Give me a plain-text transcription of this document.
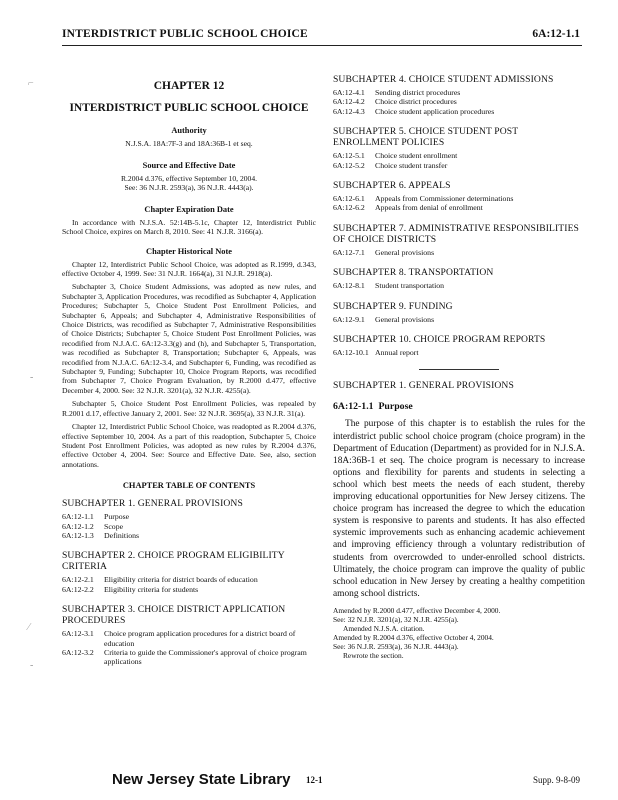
INTERDISTRICT PUBLIC SCHOOL CHOICE	6A:12-1.1
⌐	CHAPTER 12
INTERDISTRICT PUBLIC SCHOOL CHOICE
Authority
N.J.S.A. 18A:7F-3 and 18A:36B-1 et seq.
Source and Effective Date
R.2004 d.376, effective September 10, 2004.
See: 36 N.J.R. 2593(a), 36 N.J.R. 4443(a).
Chapter Expiration Date

In accordance with N.J.S.A. 52:14B-5.1c, Chapter 12, Interdistrict Public School Choice, expires on March 8, 2010. See: 41 N.J.R. 3166(a).

Chapter Historical Note

Chapter 12, Interdistrict Public School Choice, was adopted as R.1999, d.343, effective October 4, 1999. See: 31 N.J.R. 1664(a), 31 N.J.R. 2918(a).

Subchapter 3, Choice Student Admissions, was adopted as new rules, and Subchapter 3, Application Procedures, was recodified as Subchapter 4, Application Procedures; Subchapter 5, Choice Student Post Enrollment Policies, and Subchapter 6, Appeals; and Subchapter 4, Administrative Responsibilities of Choice Districts, was recodified as Subchapter 7, Administrative Responsibilities of Choice Districts; Subchapter 5, Choice Student Post Enrollment Policies, was recodified from N.J.A.C. 6A:12-3.3(g) and (h), and Subchapter 5, Transportation, was recodified as Subchapter 8, Transportation; Subchapter 6, Appeals, was recodified from N.J.A.C. 6A:12-3.4, and Subchapter 6, Funding, was recodified as Subchapter 9, Funding; Subchapter 10, Choice Program Reports, was recodified from Subchapter 7, Choice Program Evaluation, by R.2000 d.477, effective December 4, 2000. See: 32 N.J.R. 3201(a), 32 N.J.R. 4255(a).

Subchapter 5, Choice Student Post Enrollment Policies, was repealed by R.2001 d.17, effective January 2, 2001. See: 32 N.J.R. 3695(a), 33 N.J.R. 31(a).

Chapter 12, Interdistrict Public School Choice, was readopted as R.2004 d.376, effective September 10, 2004. As a part of this readoption, Subchapter 5, Choice Student Post Enrollment Policies, was adopted as new rules by R.2004 d.376, effective October 4, 2004. See: Source and Effective Date. See, also, section annotations.

CHAPTER TABLE OF CONTENTS
SUBCHAPTER 1. GENERAL PROVISIONS
6A:12-1.1	Purpose
6A:12-1.2	Scope
6A:12-1.3	Definitions
SUBCHAPTER 2. CHOICE PROGRAM ELIGIBILITY CRITERIA
6A:12-2.1	Eligibility criteria for district boards of education
6A:12-2.2	Eligibility criteria for students
SUBCHAPTER 3. CHOICE DISTRICT APPLICATION PROCEDURES
6A:12-3.1	Choice program application procedures for a district board of education
6A:12-3.2	Criteria to guide the Commissioner's approval of choice program applications
SUBCHAPTER 4. CHOICE STUDENT ADMISSIONS
6A:12-4.1	Sending district procedures
6A:12-4.2	Choice district procedures
6A:12-4.3	Choice student application procedures
SUBCHAPTER 5. CHOICE STUDENT POST ENROLLMENT POLICIES
6A:12-5.1	Choice student enrollment
6A:12-5.2	Choice student transfer
SUBCHAPTER 6. APPEALS
6A:12-6.1	Appeals from Commissioner determinations
6A:12-6.2	Appeals from denial of enrollment
SUBCHAPTER 7. ADMINISTRATIVE RESPONSIBILITIES OF CHOICE DISTRICTS
6A:12-7.1	General provisions
SUBCHAPTER 8. TRANSPORTATION
6A:12-8.1	Student transportation
SUBCHAPTER 9. FUNDING
6A:12-9.1	General provisions
SUBCHAPTER 10. CHOICE PROGRAM REPORTS
6A:12-10.1 Annual report
SUBCHAPTER 1. GENERAL PROVISIONS
6A:12-1.1 Purpose

The purpose of this chapter is to establish the rules for the interdistrict public school choice program (choice program) in the Department of Education (Department) as provided for in N.J.S.A. 18A:36B-1 et seq. The choice program is necessary to increase options and flexibility for parents and students in selecting a school which best meets the needs of each student, thereby improving educational opportunities for New Jersey citizens. The choice program has increased the degree to which the education system is responsive to parents and students. It has also effected systemic improvements such as enhancing academic achievement and improving efficiency through a voluntary redistribution of students from overcrowded to under-enrolled school districts. Ultimately, the choice program can improve the quality of public school education in New Jersey by creating a healthy competition among school districts.

Amended by R.2000 d.477, effective December 4, 2000.

See: 32 N.J.R. 3201(a), 32 N.J.R. 4255(a).

Amended N.J.S.A. citation.

Amended by R.2004 d.376, effective October 4, 2004.

See: 36 N.J.R. 2593(a), 36 N.J.R. 4443(a).

Rewrote the section.

‐
⁄
‐
New Jersey State Library 12-1	Supp. 9-8-09
